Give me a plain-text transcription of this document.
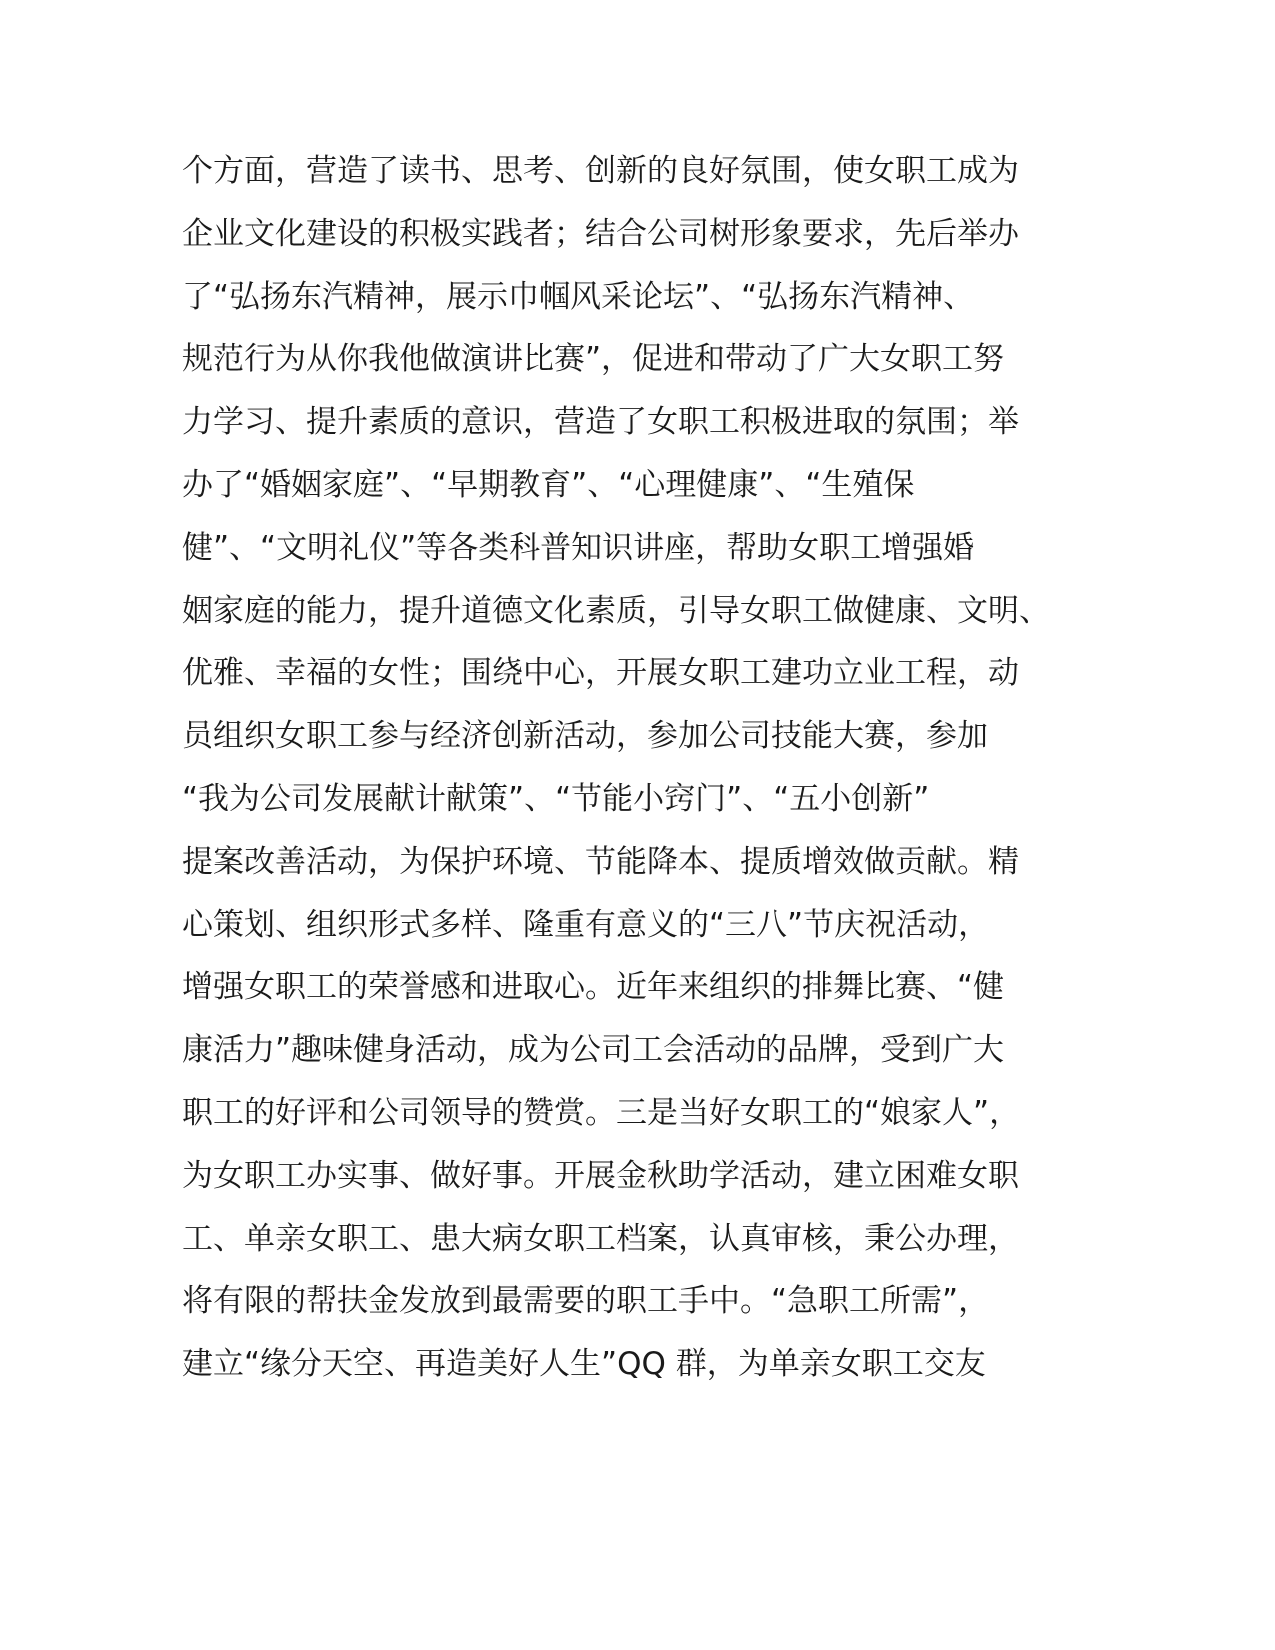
个方面，营造了读书、思考、创新的良好氛围，使女职工成为
企业文化建设的积极实践者；结合公司树形象要求，先后举办
了“弘扬东汽精神，展示巾帼风采论坛”、“弘扬东汽精神、
规范行为从你我他做演讲比赛”，促进和带动了广大女职工努
力学习、提升素质的意识，营造了女职工积极进取的氛围；举
办了“婚姻家庭”、“早期教育”、“心理健康”、“生殖保
健”、“文明礼仪”等各类科普知识讲座，帮助女职工增强婚
姻家庭的能力，提升道德文化素质，引导女职工做健康、文明、
优雅、幸福的女性；围绕中心，开展女职工建功立业工程，动
员组织女职工参与经济创新活动，参加公司技能大赛，参加
“我为公司发展献计献策”、“节能小窍门”、“五小创新”
提案改善活动，为保护环境、节能降本、提质增效做贡献。精
心策划、组织形式多样、隆重有意义的“三八”节庆祝活动，
增强女职工的荣誉感和进取心。近年来组织的排舞比赛、“健
康活力”趣味健身活动，成为公司工会活动的品牌，受到广大
职工的好评和公司领导的赞赏。三是当好女职工的“娘家人”，
为女职工办实事、做好事。开展金秋助学活动，建立困难女职
工、单亲女职工、患大病女职工档案，认真审核，秉公办理，
将有限的帮扶金发放到最需要的职工手中。“急职工所需”，
建立“缘分天空、再造美好人生”QQ 群，为单亲女职工交友
